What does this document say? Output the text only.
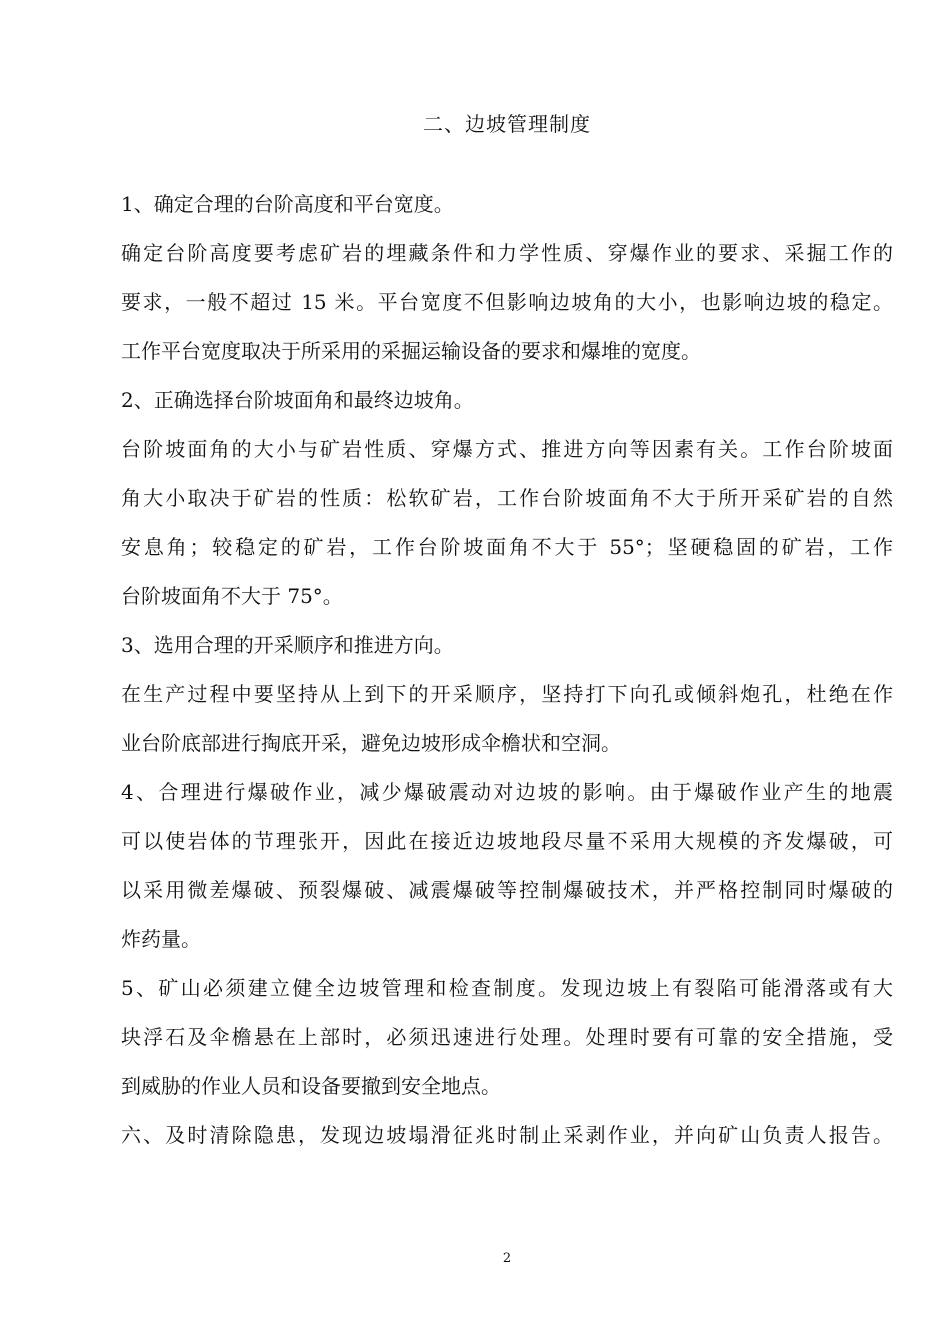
二、边坡管理制度
1、确定合理的台阶高度和平台宽度。
确定台阶高度要考虑矿岩的埋藏条件和力学性质、穿爆作业的要求、采掘工作的
要求，一般不超过 15 米。平台宽度不但影响边坡角的大小，也影响边坡的稳定。
工作平台宽度取决于所采用的采掘运输设备的要求和爆堆的宽度。
2、正确选择台阶坡面角和最终边坡角。
台阶坡面角的大小与矿岩性质、穿爆方式、推进方向等因素有关。工作台阶坡面
角大小取决于矿岩的性质：松软矿岩，工作台阶坡面角不大于所开采矿岩的自然
安息角；较稳定的矿岩，工作台阶坡面角不大于 55°；坚硬稳固的矿岩，工作
台阶坡面角不大于 75°。
3、选用合理的开采顺序和推进方向。
在生产过程中要坚持从上到下的开采顺序，坚持打下向孔或倾斜炮孔，杜绝在作
业台阶底部进行掏底开采，避免边坡形成伞檐状和空洞。
4、合理进行爆破作业，减少爆破震动对边坡的影响。由于爆破作业产生的地震
可以使岩体的节理张开，因此在接近边坡地段尽量不采用大规模的齐发爆破，可
以采用微差爆破、预裂爆破、减震爆破等控制爆破技术，并严格控制同时爆破的
炸药量。
5、矿山必须建立健全边坡管理和检查制度。发现边坡上有裂陷可能滑落或有大
块浮石及伞檐悬在上部时，必须迅速进行处理。处理时要有可靠的安全措施，受
到威胁的作业人员和设备要撤到安全地点。
六、及时清除隐患，发现边坡塌滑征兆时制止采剥作业，并向矿山负责人报告。
2
